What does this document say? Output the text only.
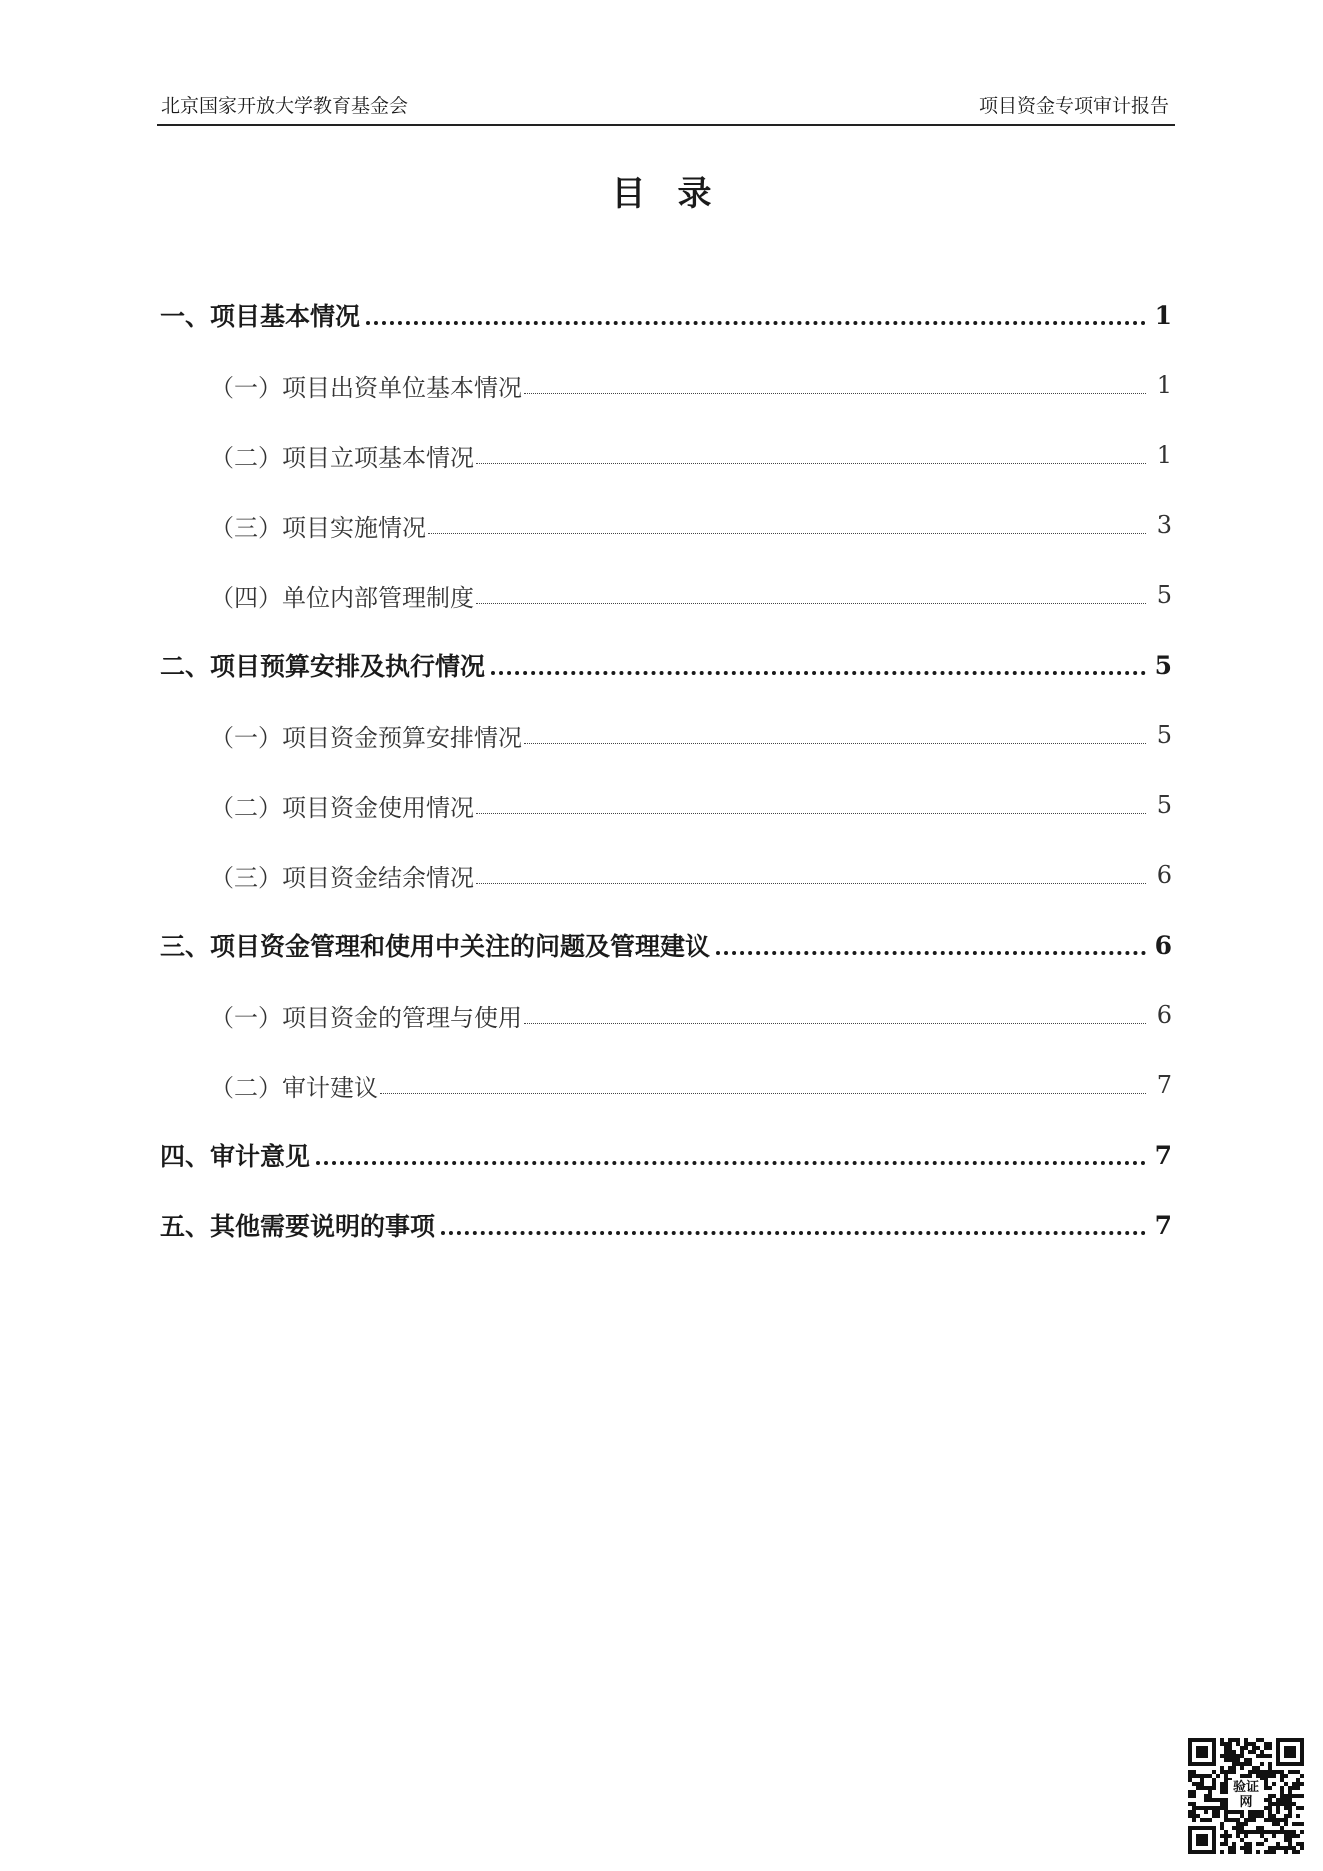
北京国家开放大学教育基金会	项目资金专项审计报告
目录
一、项目基本情况	1
（一）项目出资单位基本情况	1
（二）项目立项基本情况	1
（三）项目实施情况	3
（四）单位内部管理制度	5
二、项目预算安排及执行情况	5
（一）项目资金预算安排情况	5
（二）项目资金使用情况	5
（三）项目资金结余情况	6
三、项目资金管理和使用中关注的问题及管理建议	6
（一）项目资金的管理与使用	6
（二）审计建议	7
四、审计意见	7
五、其他需要说明的事项	7
验证网
